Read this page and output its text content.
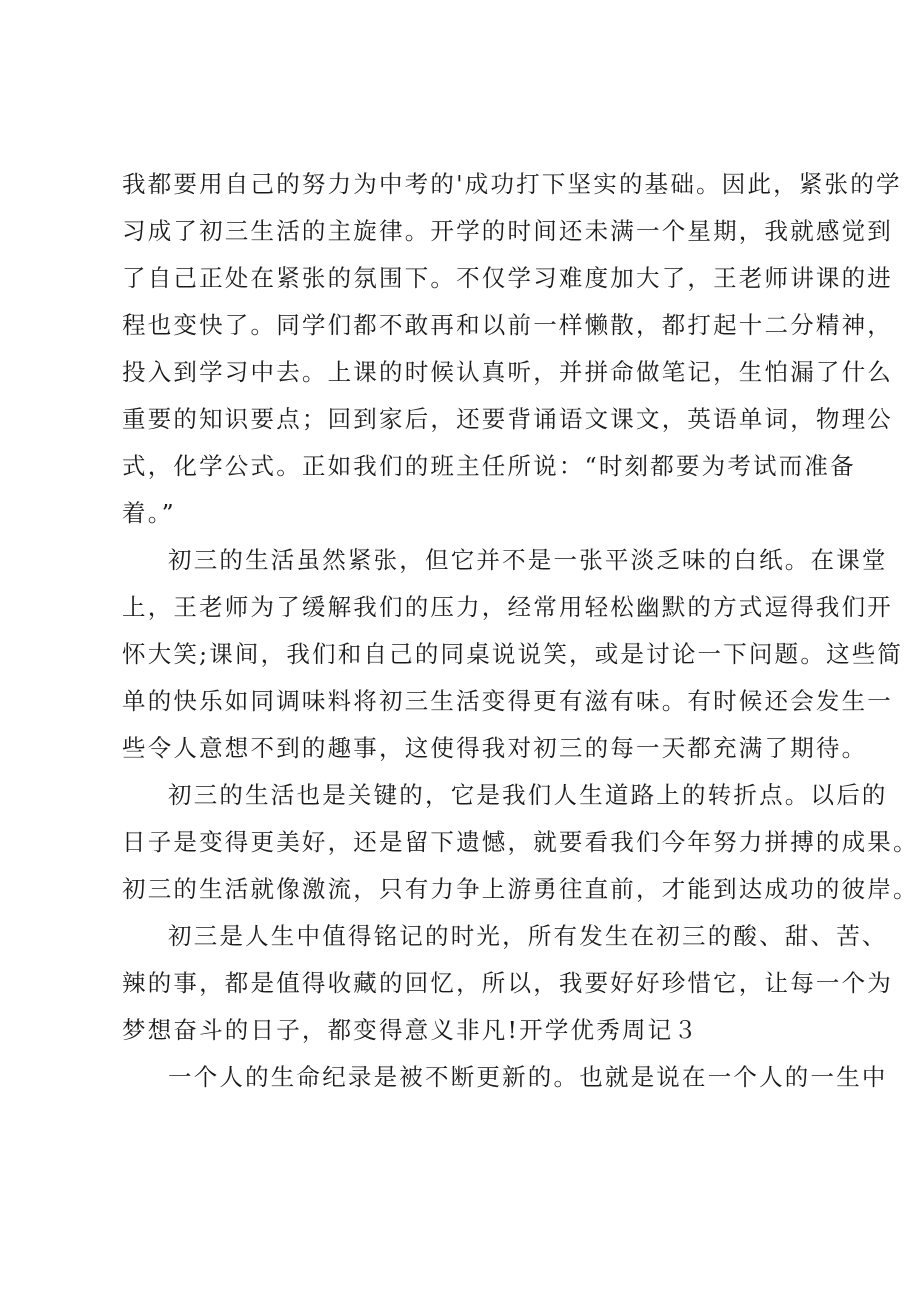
我都要用自己的努力为中考的'成功打下坚实的基础。因此，紧张的学
习成了初三生活的主旋律。开学的时间还未满一个星期，我就感觉到
了自己正处在紧张的氛围下。不仅学习难度加大了，王老师讲课的进
程也变快了。同学们都不敢再和以前一样懒散，都打起十二分精神，
投入到学习中去。上课的时候认真听，并拼命做笔记，生怕漏了什么
重要的知识要点；回到家后，还要背诵语文课文，英语单词，物理公
式，化学公式。正如我们的班主任所说：“时刻都要为考试而准备
着。”
初三的生活虽然紧张，但它并不是一张平淡乏味的白纸。在课堂
上，王老师为了缓解我们的压力，经常用轻松幽默的方式逗得我们开
怀大笑;课间，我们和自己的同桌说说笑，或是讨论一下问题。这些简
单的快乐如同调味料将初三生活变得更有滋有味。有时候还会发生一
些令人意想不到的趣事，这使得我对初三的每一天都充满了期待。
初三的生活也是关键的，它是我们人生道路上的转折点。以后的
日子是变得更美好，还是留下遗憾，就要看我们今年努力拼搏的成果。
初三的生活就像激流，只有力争上游勇往直前，才能到达成功的彼岸。
初三是人生中值得铭记的时光，所有发生在初三的酸、甜、苦、
辣的事，都是值得收藏的回忆，所以，我要好好珍惜它，让每一个为
梦想奋斗的日子，都变得意义非凡!开学优秀周记３
一个人的生命纪录是被不断更新的。也就是说在一个人的一生中
